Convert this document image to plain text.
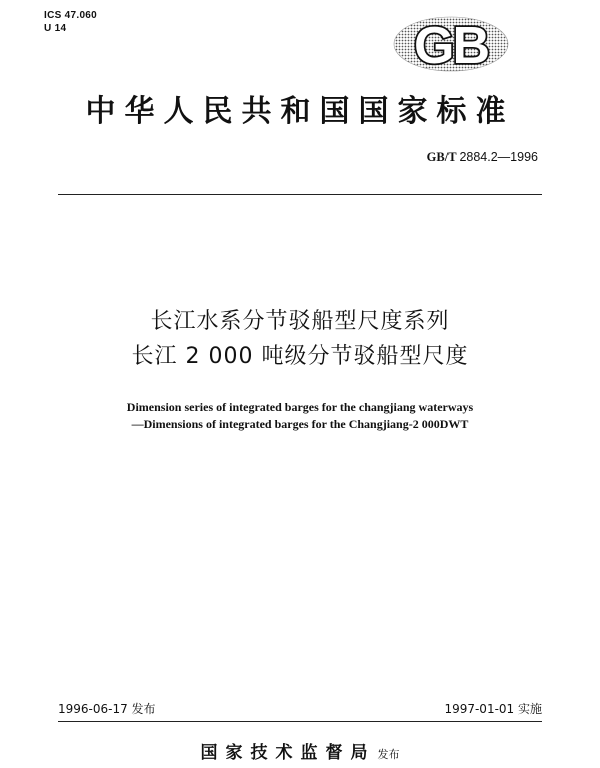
ICS 47.060
U 14	GB
中华人民共和国国家标准
GB/T 2884.2—1996
长江水系分节驳船型尺度系列
长江 2 000 吨级分节驳船型尺度
Dimension series of integrated barges for the changjiang waterways
—Dimensions of integrated barges for the Changjiang-2 000DWT
1996-06-17 发布	1997-01-01 实施
国家技术监督局 发布
